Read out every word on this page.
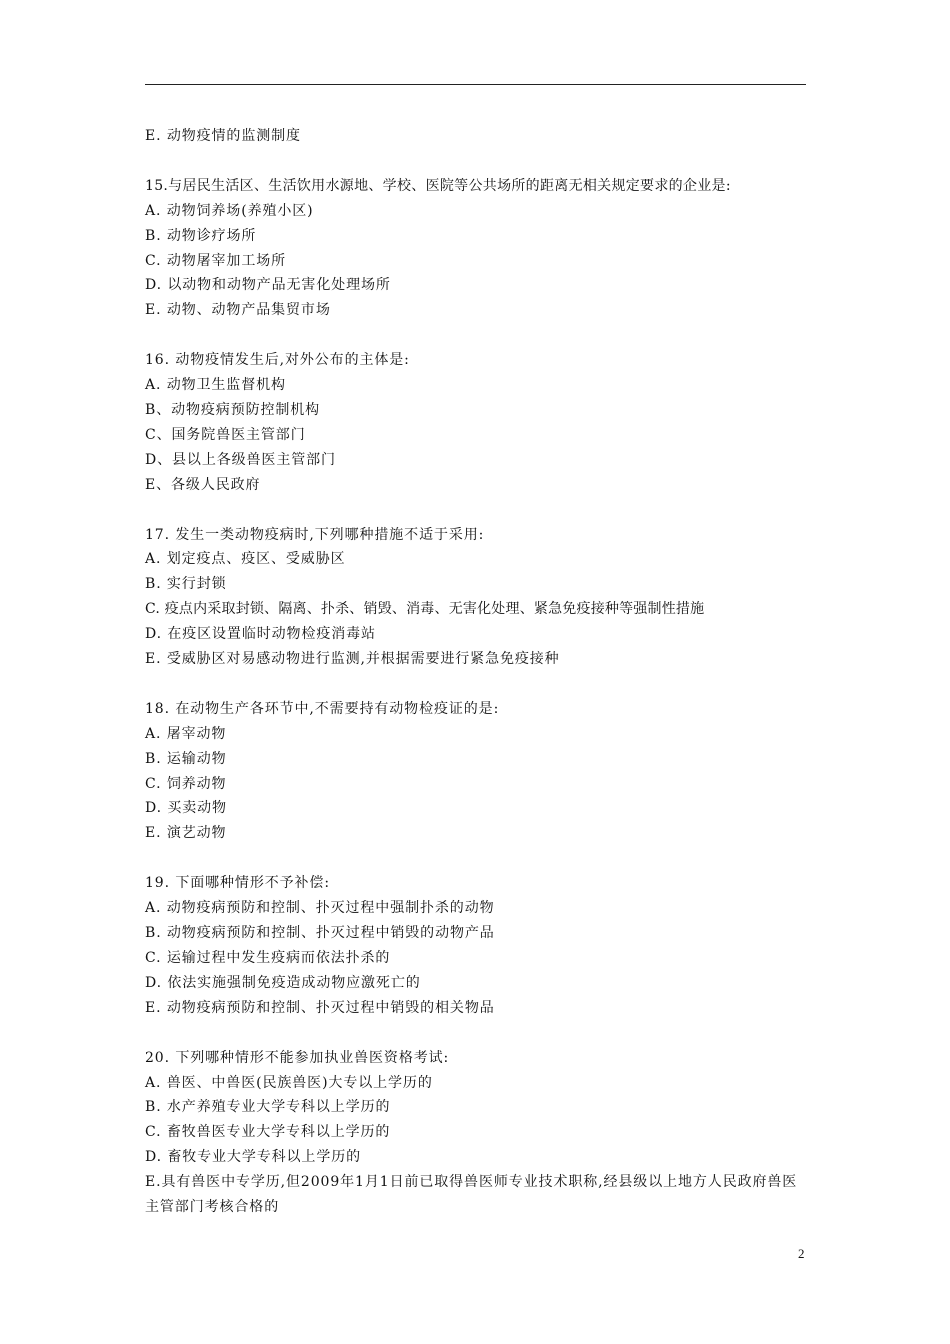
E. 动物疫情的监测制度
15.与居民生活区、生活饮用水源地、学校、医院等公共场所的距离无相关规定要求的企业是:
A. 动物饲养场(养殖小区)
B. 动物诊疗场所
C. 动物屠宰加工场所
D. 以动物和动物产品无害化处理场所
E. 动物、动物产品集贸市场
16. 动物疫情发生后,对外公布的主体是:
A. 动物卫生监督机构
B、动物疫病预防控制机构
C、国务院兽医主管部门
D、县以上各级兽医主管部门
E、各级人民政府
17. 发生一类动物疫病时,下列哪种措施不适于采用:
A. 划定疫点、疫区、受威胁区
B. 实行封锁
C. 疫点内采取封锁、隔离、扑杀、销毁、消毒、无害化处理、紧急免疫接种等强制性措施
D. 在疫区设置临时动物检疫消毒站
E. 受威胁区对易感动物进行监测,并根据需要进行紧急免疫接种
18. 在动物生产各环节中,不需要持有动物检疫证的是:
A. 屠宰动物
B. 运输动物
C. 饲养动物
D. 买卖动物
E. 演艺动物
19. 下面哪种情形不予补偿:
A. 动物疫病预防和控制、扑灭过程中强制扑杀的动物
B. 动物疫病预防和控制、扑灭过程中销毁的动物产品
C. 运输过程中发生疫病而依法扑杀的
D. 依法实施强制免疫造成动物应激死亡的
E. 动物疫病预防和控制、扑灭过程中销毁的相关物品
20. 下列哪种情形不能参加执业兽医资格考试:
A. 兽医、中兽医(民族兽医)大专以上学历的
B. 水产养殖专业大学专科以上学历的
C. 畜牧兽医专业大学专科以上学历的
D. 畜牧专业大学专科以上学历的
E.具有兽医中专学历,但2009年1月1日前已取得兽医师专业技术职称,经县级以上地方人民政府兽医主管部门考核合格的
2
